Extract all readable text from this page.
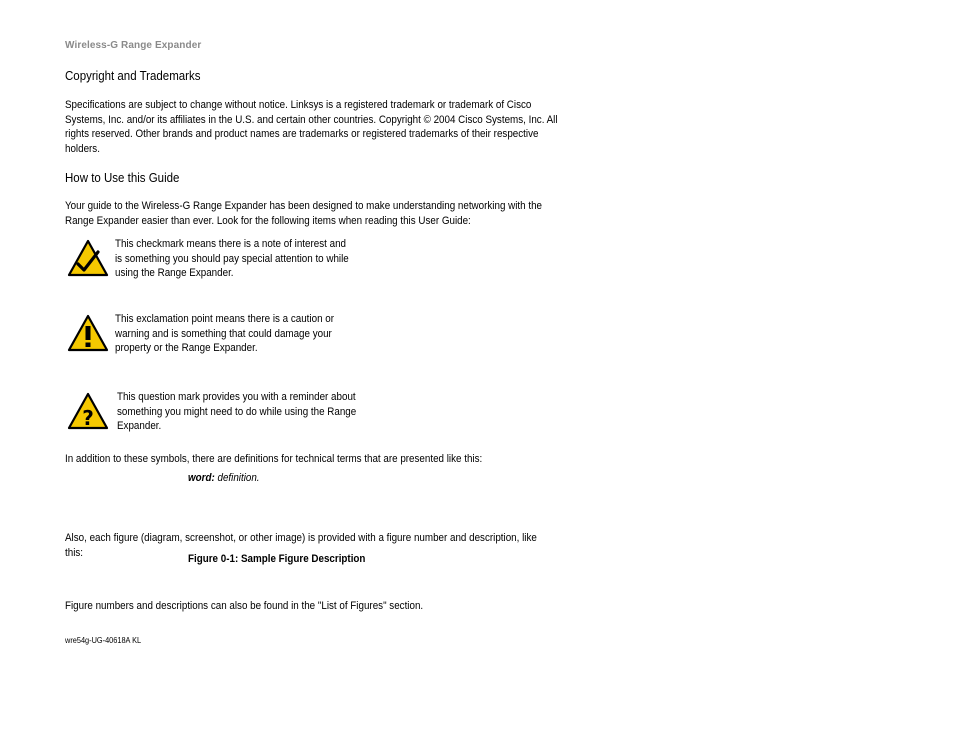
Wireless-G Range Expander
Copyright and Trademarks
Specifications are subject to change without notice. Linksys is a registered trademark or trademark of Cisco
Systems, Inc. and/or its affiliates in the U.S. and certain other countries. Copyright © 2004 Cisco Systems, Inc. All
rights reserved. Other brands and product names are trademarks or registered trademarks of their respective
holders.
How to Use this Guide
Your guide to the Wireless-G Range Expander has been designed to make understanding networking with the
Range Expander easier than ever. Look for the following items when reading this User Guide:
This checkmark means there is a note of interest and
is something you should pay special attention to while
using the Range Expander.
This exclamation point means there is a caution or
warning and is something that could damage your
property or the Range Expander.
?
This question mark provides you with a reminder about
something you might need to do while using the Range
Expander.
In addition to these symbols, there are definitions for technical terms that are presented like this:
word: definition.
Also, each figure (diagram, screenshot, or other image) is provided with a figure number and description, like
this:
Figure 0-1: Sample Figure Description
Figure numbers and descriptions can also be found in the "List of Figures" section.
wre54g-UG-40618A KL
